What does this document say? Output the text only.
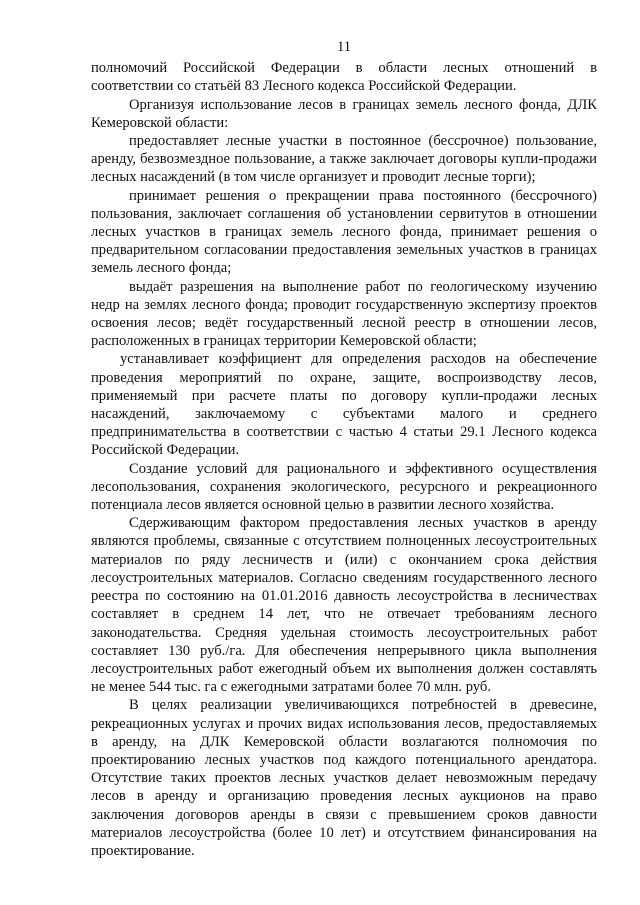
11

полномочий Российской Федерации в области лесных отношений в соответствии со статьёй 83 Лесного кодекса Российской Федерации.

Организуя использование лесов в границах земель лесного фонда, ДЛК Кемеровской области:

предоставляет лесные участки в постоянное (бессрочное) пользование, аренду, безвозмездное пользование, а также заключает договоры купли-продажи лесных насаждений (в том числе организует и проводит лесные торги);

принимает решения о прекращении права постоянного (бессрочного) пользования, заключает соглашения об установлении сервитутов в отношении лесных участков в границах земель лесного фонда, принимает решения о предварительном согласовании предоставления земельных участков в границах земель лесного фонда;

выдаёт разрешения на выполнение работ по геологическому изучению недр на землях лесного фонда; проводит государственную экспертизу проектов освоения лесов; ведёт государственный лесной реестр в отношении лесов, расположенных в границах территории Кемеровской области;

устанавливает коэффициент для определения расходов на обеспечение проведения мероприятий по охране, защите, воспроизводству лесов, применяемый при расчете платы по договору купли-продажи лесных насаждений, заключаемому с субъектами малого и среднего предпринимательства в соответствии с частью 4 статьи 29.1 Лесного кодекса Российской Федерации.

Создание условий для рационального и эффективного осуществления лесопользования, сохранения экологического, ресурсного и рекреационного потенциала лесов является основной целью в развитии лесного хозяйства.

Сдерживающим фактором предоставления лесных участков в аренду являются проблемы, связанные с отсутствием полноценных лесоустроительных материалов по ряду лесничеств и (или) с окончанием срока действия лесоустроительных материалов. Согласно сведениям государственного лесного реестра по состоянию на 01.01.2016 давность лесоустройства в лесничествах составляет в среднем 14 лет, что не отвечает требованиям лесного законодательства. Средняя удельная стоимость лесоустроительных работ составляет 130 руб./га. Для обеспечения непрерывного цикла выполнения лесоустроительных работ ежегодный объем их выполнения должен составлять не менее 544 тыс. га с ежегодными затратами более 70 млн. руб.

В целях реализации увеличивающихся потребностей в древесине, рекреационных услугах и прочих видах использования лесов, предоставляемых в аренду, на ДЛК Кемеровской области возлагаются полномочия по проектированию лесных участков под каждого потенциального арендатора. Отсутствие таких проектов лесных участков делает невозможным передачу лесов в аренду и организацию проведения лесных аукционов на право заключения договоров аренды в связи с превышением сроков давности материалов лесоустройства (более 10 лет) и отсутствием финансирования на проектирование.
